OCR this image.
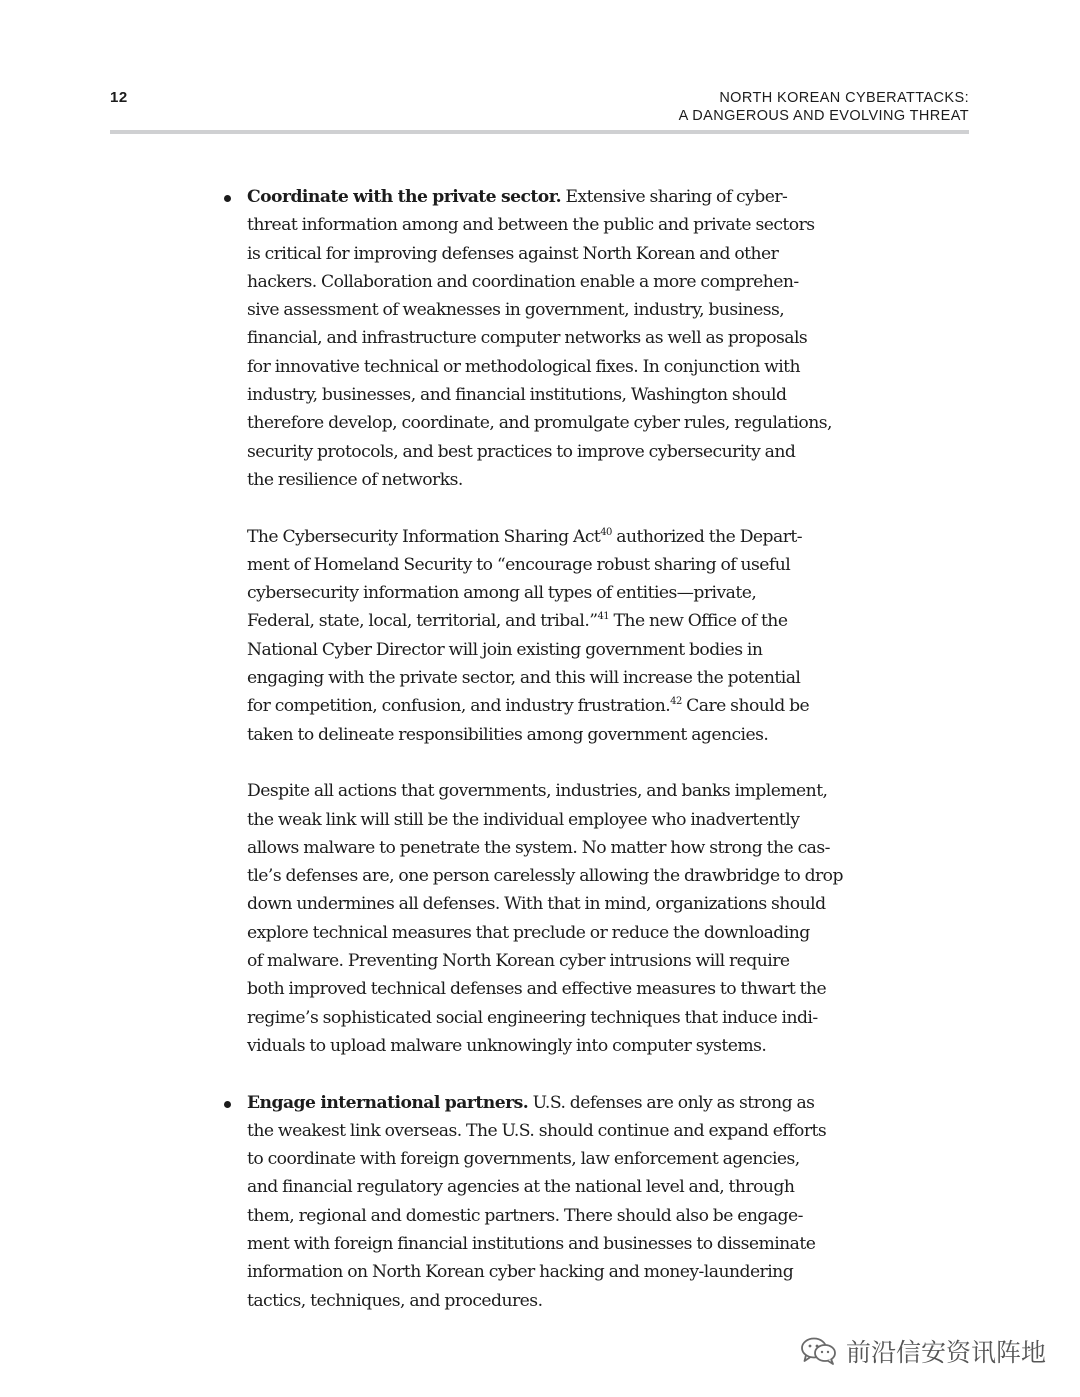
12	NORTH KOREAN CYBERATTACKS:
A DANGEROUS AND EVOLVING THREAT
Coordinate with the private sector. Extensive sharing of cyber-
threat information among and between the public and private sectors
is critical for improving defenses against North Korean and other
hackers. Collaboration and coordination enable a more comprehen-
sive assessment of weaknesses in government, industry, business,
financial, and infrastructure computer networks as well as proposals
for innovative technical or methodological fixes. In conjunction with
industry, businesses, and financial institutions, Washington should
therefore develop, coordinate, and promulgate cyber rules, regulations,
security protocols, and best practices to improve cybersecurity and
the resilience of networks.
The Cybersecurity Information Sharing Act$^{40}$ authorized the Depart-
ment of Homeland Security to “encourage robust sharing of useful
cybersecurity information among all types of entities—private,
Federal, state, local, territorial, and tribal.”$^{41}$ The new Office of the
National Cyber Director will join existing government bodies in
engaging with the private sector, and this will increase the potential
for competition, confusion, and industry frustration.$^{42}$ Care should be
taken to delineate responsibilities among government agencies.
Despite all actions that governments, industries, and banks implement,
the weak link will still be the individual employee who inadvertently
allows malware to penetrate the system. No matter how strong the cas-
tle’s defenses are, one person carelessly allowing the drawbridge to drop
down undermines all defenses. With that in mind, organizations should
explore technical measures that preclude or reduce the downloading
of malware. Preventing North Korean cyber intrusions will require
both improved technical defenses and effective measures to thwart the
regime’s sophisticated social engineering techniques that induce indi-
viduals to upload malware unknowingly into computer systems.
Engage international partners. U.S. defenses are only as strong as
the weakest link overseas. The U.S. should continue and expand efforts
to coordinate with foreign governments, law enforcement agencies,
and financial regulatory agencies at the national level and, through
them, regional and domestic partners. There should also be engage-
ment with foreign financial institutions and businesses to disseminate
information on North Korean cyber hacking and money-laundering
tactics, techniques, and procedures.
前沿信安资讯阵地
